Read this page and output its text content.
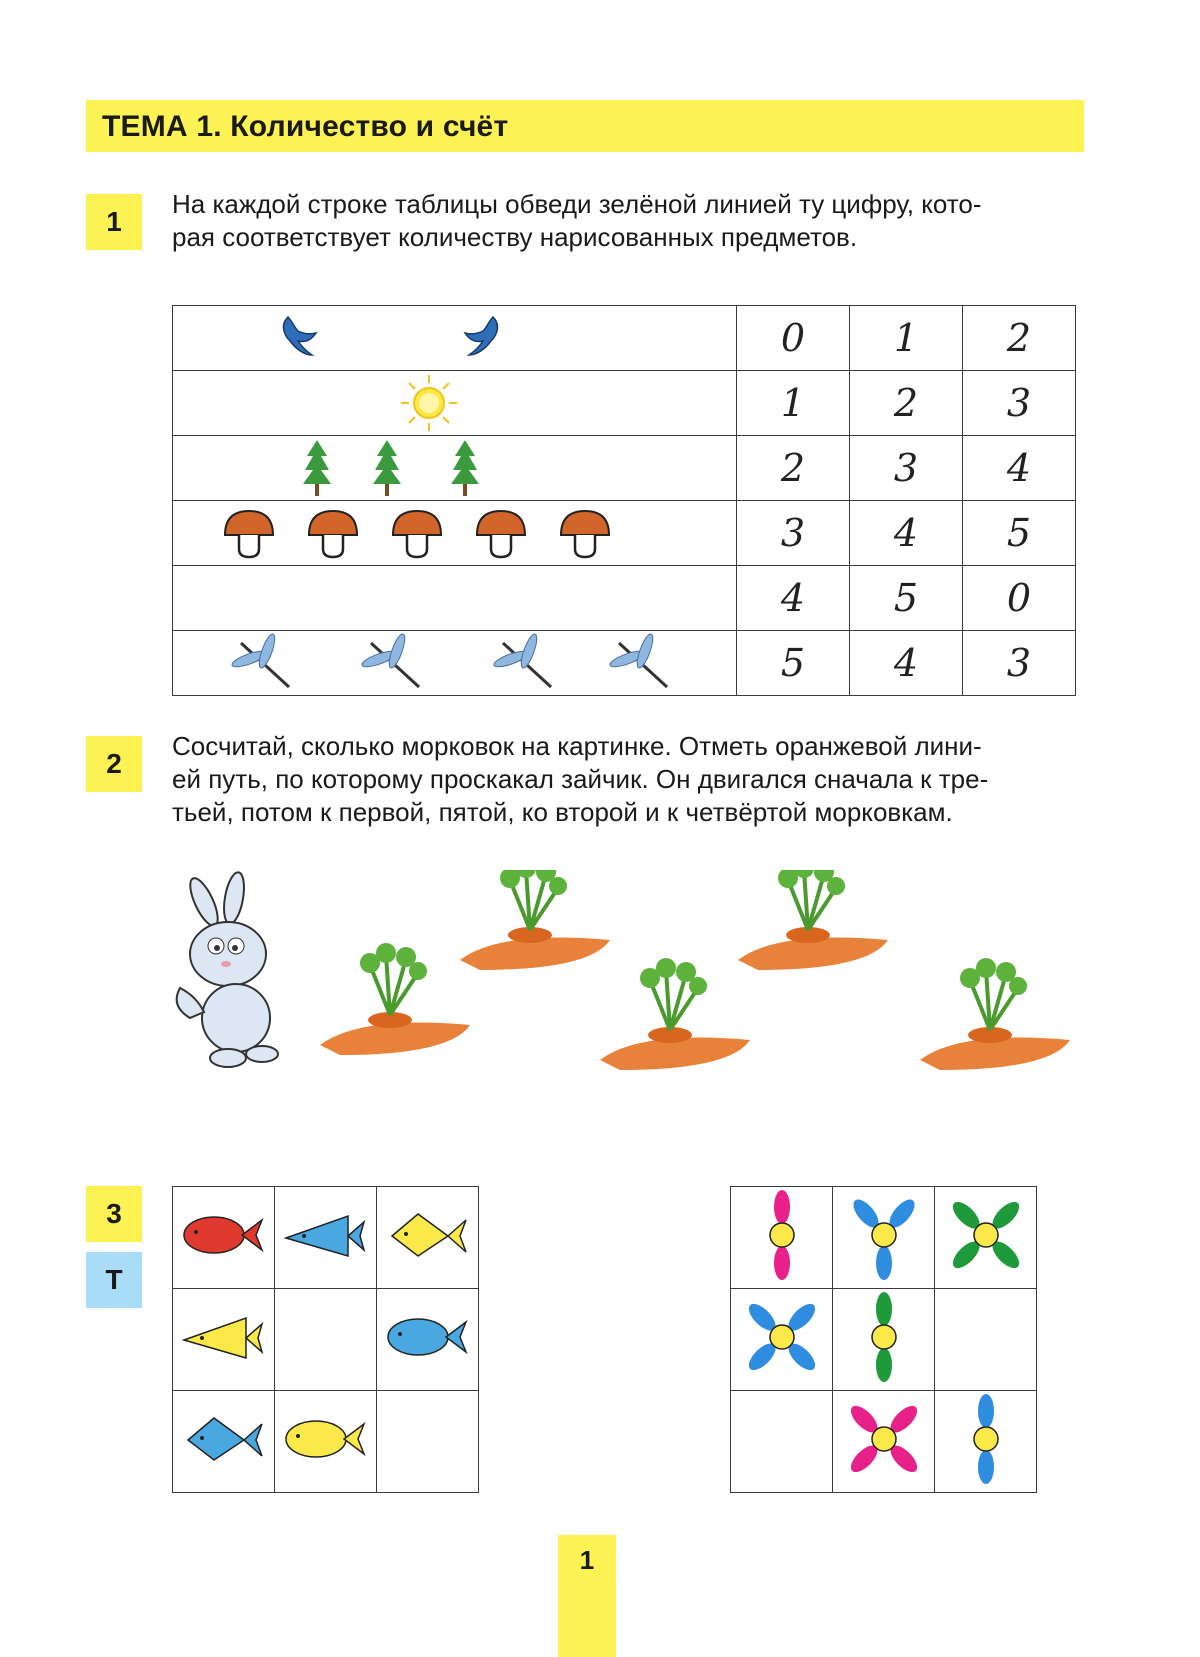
ТЕМА 1. Количество и счёт
1

На каждой строке таблицы обведи зелёной линией ту цифру, кото-

рая соответствует количеству нарисованных предметов.

	0	1	2

	1	2	3

	2	3	4

	3	4	5
	4	5	0

	5	4	3
2

Сосчитай, сколько морковок на картинке. Отметь оранжевой лини-

ей путь, по которому проскакал зайчик. Он двигался сначала к тре-

тьей, потом к первой, пятой, ко второй и к четвёртой морковкам.

3
Т

1
